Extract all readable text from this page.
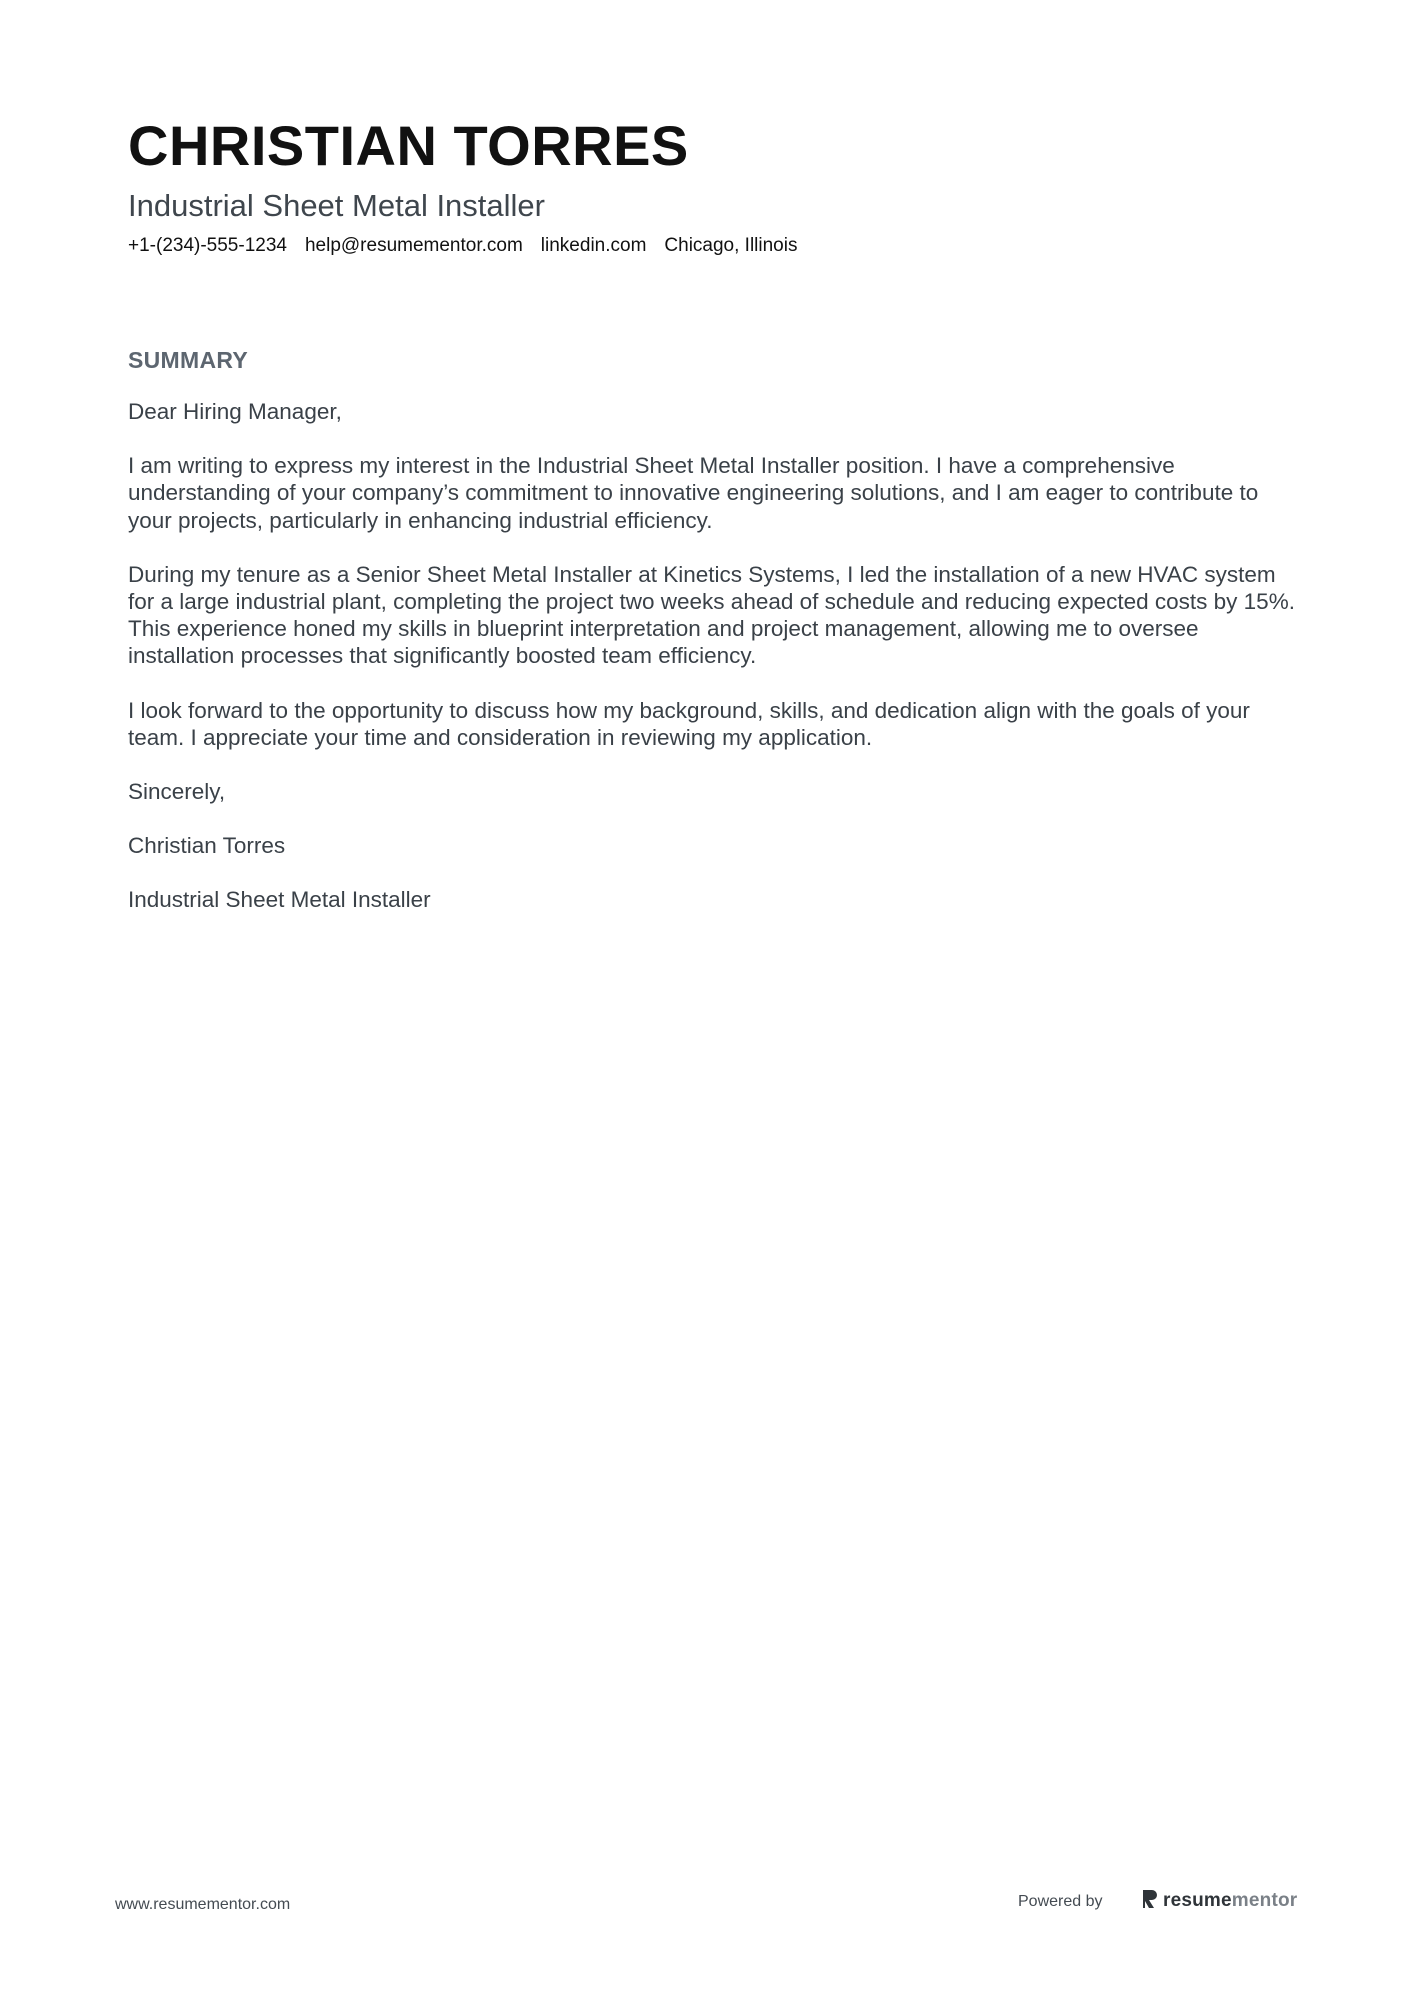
CHRISTIAN TORRES
Industrial Sheet Metal Installer
+1-(234)-555-1234 help@resumementor.com linkedin.com Chicago, Illinois
SUMMARY

Dear Hiring Manager,

I am writing to express my interest in the Industrial Sheet Metal Installer position. I have a comprehensive understanding of your company’s commitment to innovative engineering solutions, and I am eager to contribute to your projects, particularly in enhancing industrial efficiency.

During my tenure as a Senior Sheet Metal Installer at Kinetics Systems, I led the installation of a new HVAC system for a large industrial plant, completing the project two weeks ahead of schedule and reducing expected costs by 15%. This experience honed my skills in blueprint interpretation and project management, allowing me to oversee installation processes that significantly boosted team efficiency.

I look forward to the opportunity to discuss how my background, skills, and dedication align with the goals of your team. I appreciate your time and consideration in reviewing my application.

Sincerely,

Christian Torres

Industrial Sheet Metal Installer

www.resumementor.com	Powered by	resumementor
